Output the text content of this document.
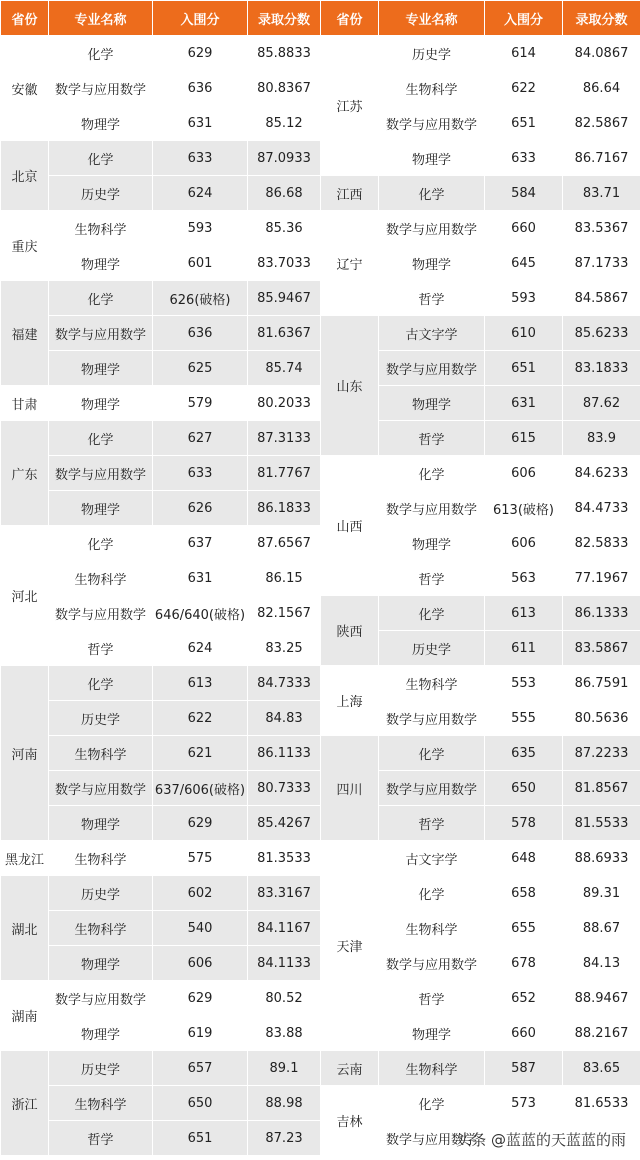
省份	专业名称	入围分	录取分数
安徽	化学	629	85.8833
	数学与应用数学	636	80.8367
	物理学	631	85.12
北京	化学	633	87.0933
	历史学	624	86.68
重庆	生物科学	593	85.36
	物理学	601	83.7033
福建	化学	626(破格)	85.9467
	数学与应用数学	636	81.6367
	物理学	625	85.74
甘肃	物理学	579	80.2033
广东	化学	627	87.3133
	数学与应用数学	633	81.7767
	物理学	626	86.1833
河北	化学	637	87.6567
	生物科学	631	86.15
	数学与应用数学	646/640(破格)	82.1567
	哲学	624	83.25
河南	化学	613	84.7333
	历史学	622	84.83
	生物科学	621	86.1133
	数学与应用数学	637/606(破格)	80.7333
	物理学	629	85.4267
黑龙江	生物科学	575	81.3533
湖北	历史学	602	83.3167
	生物科学	540	84.1167
	物理学	606	84.1133
湖南	数学与应用数学	629	80.52
	物理学	619	83.88
浙江	历史学	657	89.1
	生物科学	650	88.98
	哲学	651	87.23
省份	专业名称	入围分	录取分数
江苏	历史学	614	84.0867
	生物科学	622	86.64
	数学与应用数学	651	82.5867
	物理学	633	86.7167
江西	化学	584	83.71
辽宁	数学与应用数学	660	83.5367
	物理学	645	87.1733
	哲学	593	84.5867
山东	古文字学	610	85.6233
	数学与应用数学	651	83.1833
	物理学	631	87.62
	哲学	615	83.9
山西	化学	606	84.6233
	数学与应用数学	613(破格)	84.4733
	物理学	606	82.5833
	哲学	563	77.1967
陕西	化学	613	86.1333
	历史学	611	83.5867
上海	生物科学	553	86.7591
	数学与应用数学	555	80.5636
四川	化学	635	87.2233
	数学与应用数学	650	81.8567
	哲学	578	81.5533
天津	古文字学	648	88.6933
	化学	658	89.31
	生物科学	655	88.67
	数学与应用数学	678	84.13
	哲学	652	88.9467
	物理学	660	88.2167
云南	生物科学	587	83.65
吉林	化学	573	81.6533
	数学与应用数学		
头条 @蓝蓝的天蓝蓝的雨
